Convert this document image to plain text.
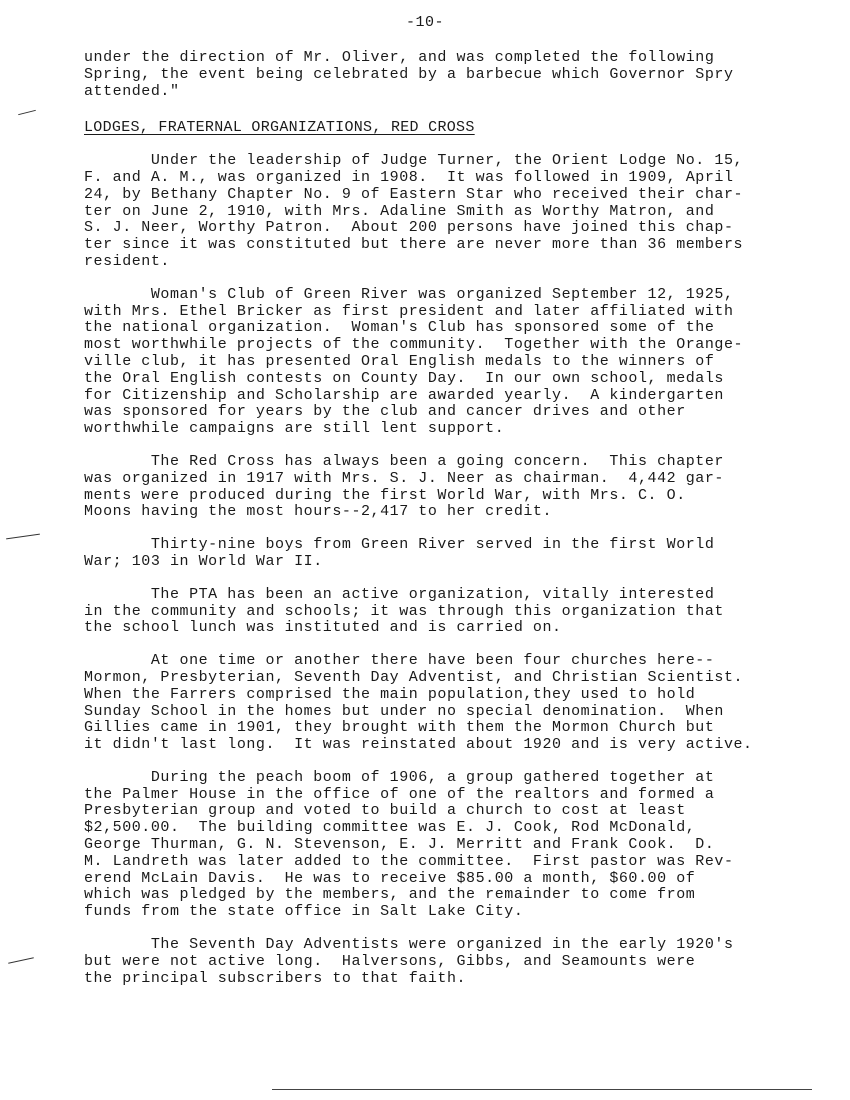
-10-
under the direction of Mr. Oliver, and was completed the following
Spring, the event being celebrated by a barbecue which Governor Spry
attended."
LODGES, FRATERNAL ORGANIZATIONS, RED CROSS
Under the leadership of Judge Turner, the Orient Lodge No. 15,
F. and A. M., was organized in 1908.  It was followed in 1909, April
24, by Bethany Chapter No. 9 of Eastern Star who received their char-
ter on June 2, 1910, with Mrs. Adaline Smith as Worthy Matron, and
S. J. Neer, Worthy Patron.  About 200 persons have joined this chap-
ter since it was constituted but there are never more than 36 members
resident.
Woman's Club of Green River was organized September 12, 1925,
with Mrs. Ethel Bricker as first president and later affiliated with
the national organization.  Woman's Club has sponsored some of the
most worthwhile projects of the community.  Together with the Orange-
ville club, it has presented Oral English medals to the winners of
the Oral English contests on County Day.  In our own school, medals
for Citizenship and Scholarship are awarded yearly.  A kindergarten
was sponsored for years by the club and cancer drives and other
worthwhile campaigns are still lent support.
The Red Cross has always been a going concern.  This chapter
was organized in 1917 with Mrs. S. J. Neer as chairman.  4,442 gar-
ments were produced during the first World War, with Mrs. C. O.
Moons having the most hours--2,417 to her credit.
Thirty-nine boys from Green River served in the first World
War; 103 in World War II.
The PTA has been an active organization, vitally interested
in the community and schools; it was through this organization that
the school lunch was instituted and is carried on.
At one time or another there have been four churches here--
Mormon, Presbyterian, Seventh Day Adventist, and Christian Scientist.
When the Farrers comprised the main population,they used to hold
Sunday School in the homes but under no special denomination.  When
Gillies came in 1901, they brought with them the Mormon Church but
it didn't last long.  It was reinstated about 1920 and is very active.
During the peach boom of 1906, a group gathered together at
the Palmer House in the office of one of the realtors and formed a
Presbyterian group and voted to build a church to cost at least
$2,500.00.  The building committee was E. J. Cook, Rod McDonald,
George Thurman, G. N. Stevenson, E. J. Merritt and Frank Cook.  D.
M. Landreth was later added to the committee.  First pastor was Rev-
erend McLain Davis.  He was to receive $85.00 a month, $60.00 of
which was pledged by the members, and the remainder to come from
funds from the state office in Salt Lake City.
The Seventh Day Adventists were organized in the early 1920's
but were not active long.  Halversons, Gibbs, and Seamounts were
the principal subscribers to that faith.
